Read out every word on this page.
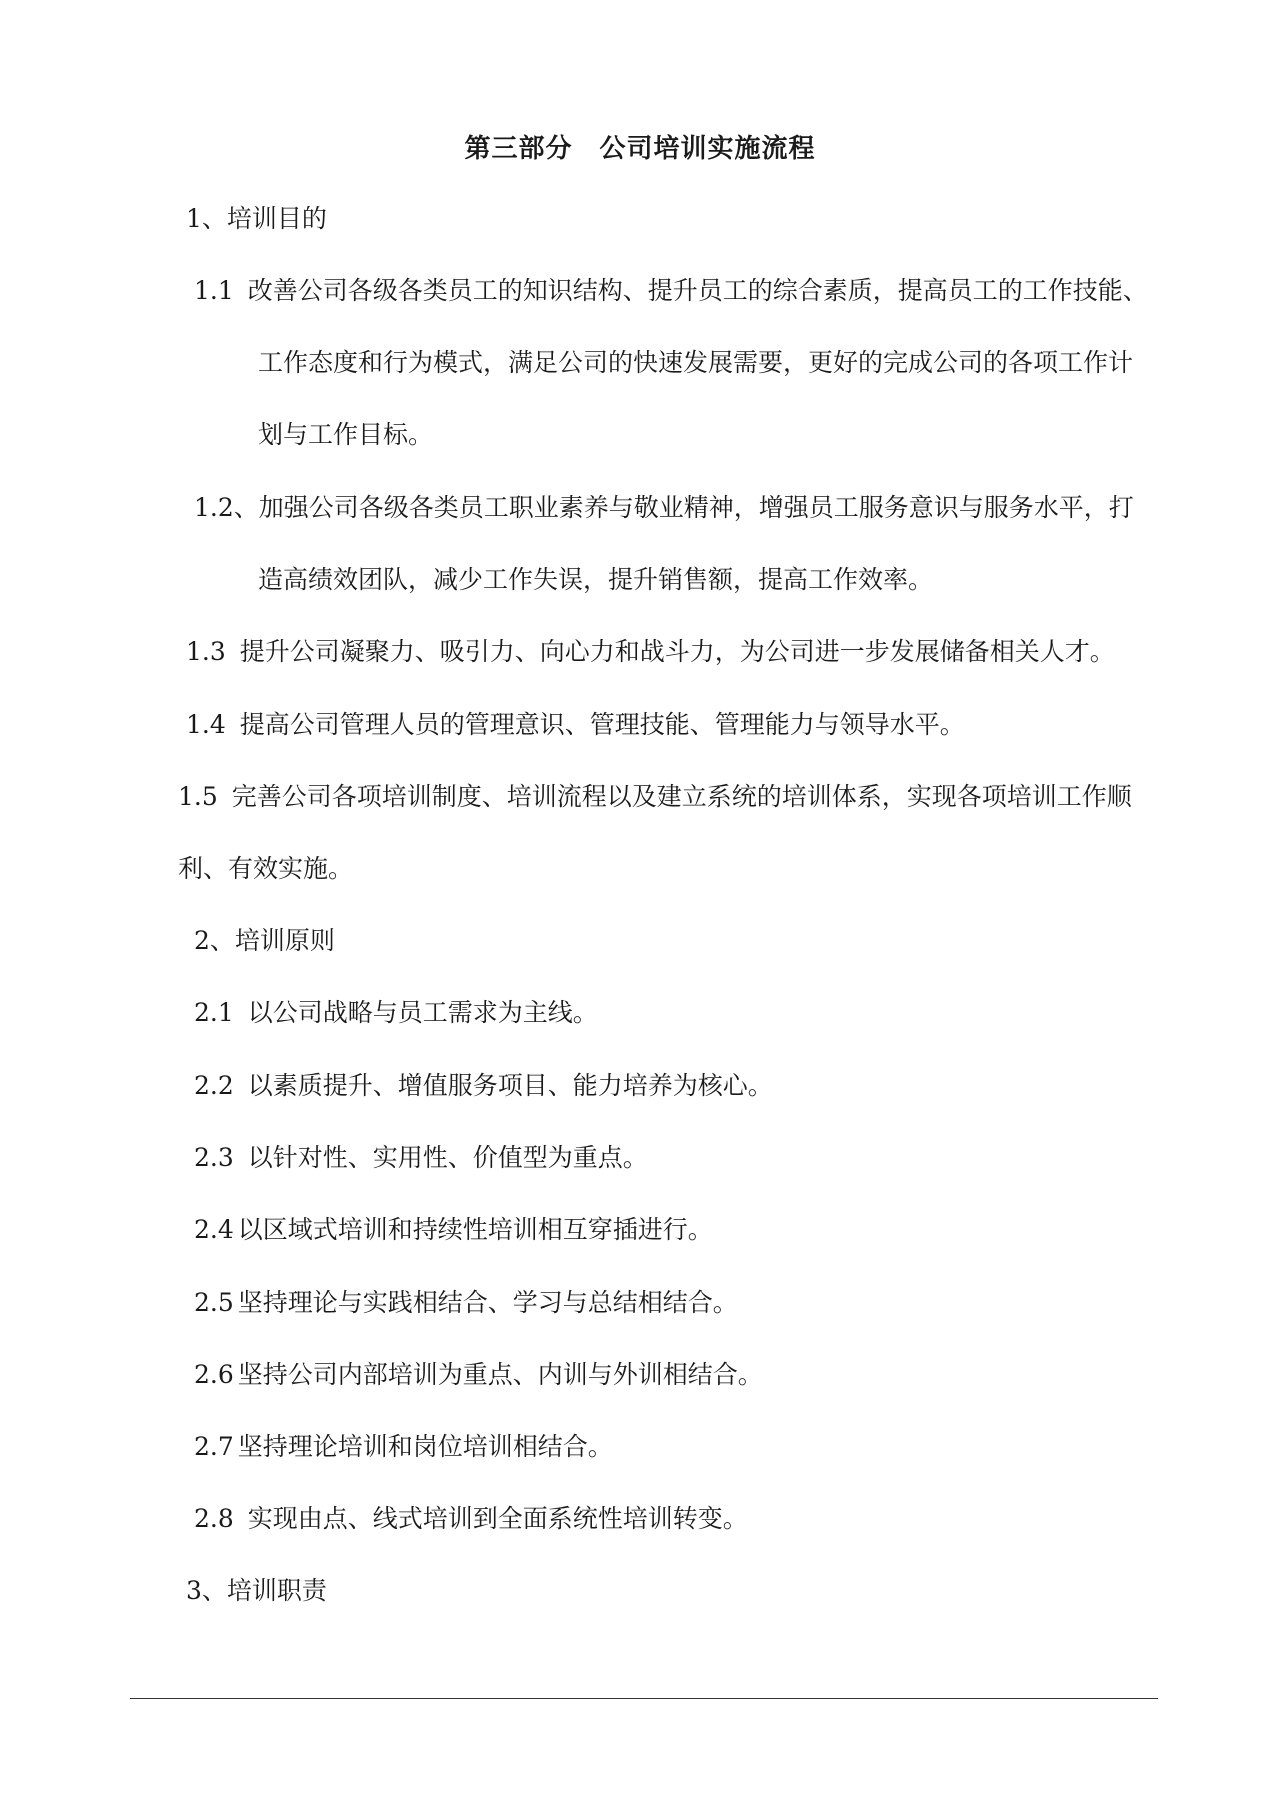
第三部分　公司培训实施流程
1、培训目的
1.1 改善公司各级各类员工的知识结构、提升员工的综合素质，提高员工的工作技能、
工作态度和行为模式，满足公司的快速发展需要，更好的完成公司的各项工作计
划与工作目标。
1.2、加强公司各级各类员工职业素养与敬业精神，增强员工服务意识与服务水平，打
造高绩效团队，减少工作失误，提升销售额，提高工作效率。
1.3 提升公司凝聚力、吸引力、向心力和战斗力，为公司进一步发展储备相关人才。
1.4 提高公司管理人员的管理意识、管理技能、管理能力与领导水平。
1.5 完善公司各项培训制度、培训流程以及建立系统的培训体系，实现各项培训工作顺
利、有效实施。
2、培训原则
2.1 以公司战略与员工需求为主线。
2.2 以素质提升、增值服务项目、能力培养为核心。
2.3 以针对性、实用性、价值型为重点。
2.4 以区域式培训和持续性培训相互穿插进行。
2.5 坚持理论与实践相结合、学习与总结相结合。
2.6 坚持公司内部培训为重点、内训与外训相结合。
2.7 坚持理论培训和岗位培训相结合。
2.8 实现由点、线式培训到全面系统性培训转变。
3、培训职责
